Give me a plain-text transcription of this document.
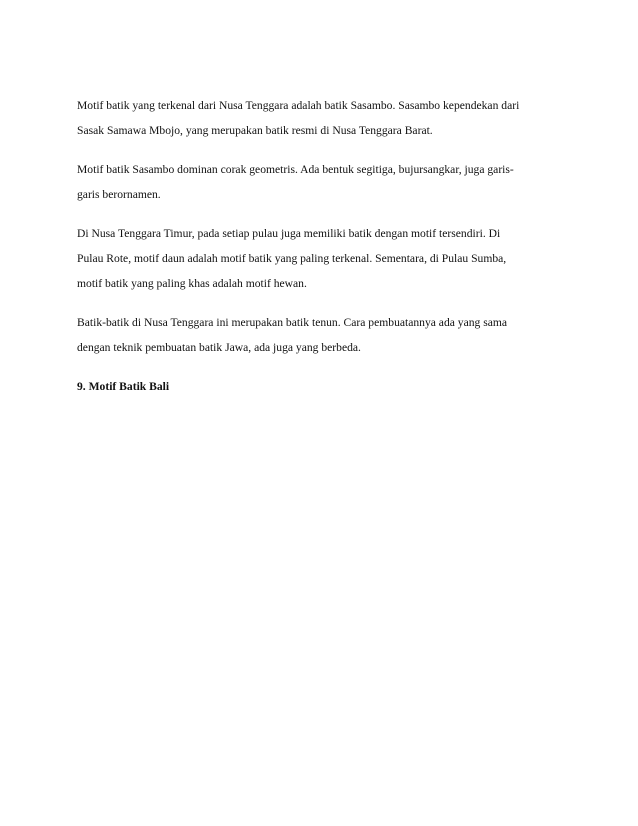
Motif batik yang terkenal dari Nusa Tenggara adalah batik Sasambo. Sasambo kependekan dari
Sasak Samawa Mbojo, yang merupakan batik resmi di Nusa Tenggara Barat.

Motif batik Sasambo dominan corak geometris. Ada bentuk segitiga, bujursangkar, juga garis-
garis berornamen.

Di Nusa Tenggara Timur, pada setiap pulau juga memiliki batik dengan motif tersendiri. Di
Pulau Rote, motif daun adalah motif batik yang paling terkenal. Sementara, di Pulau Sumba,
motif batik yang paling khas adalah motif hewan.

Batik-batik di Nusa Tenggara ini merupakan batik tenun. Cara pembuatannya ada yang sama
dengan teknik pembuatan batik Jawa, ada juga yang berbeda.

9. Motif Batik Bali
